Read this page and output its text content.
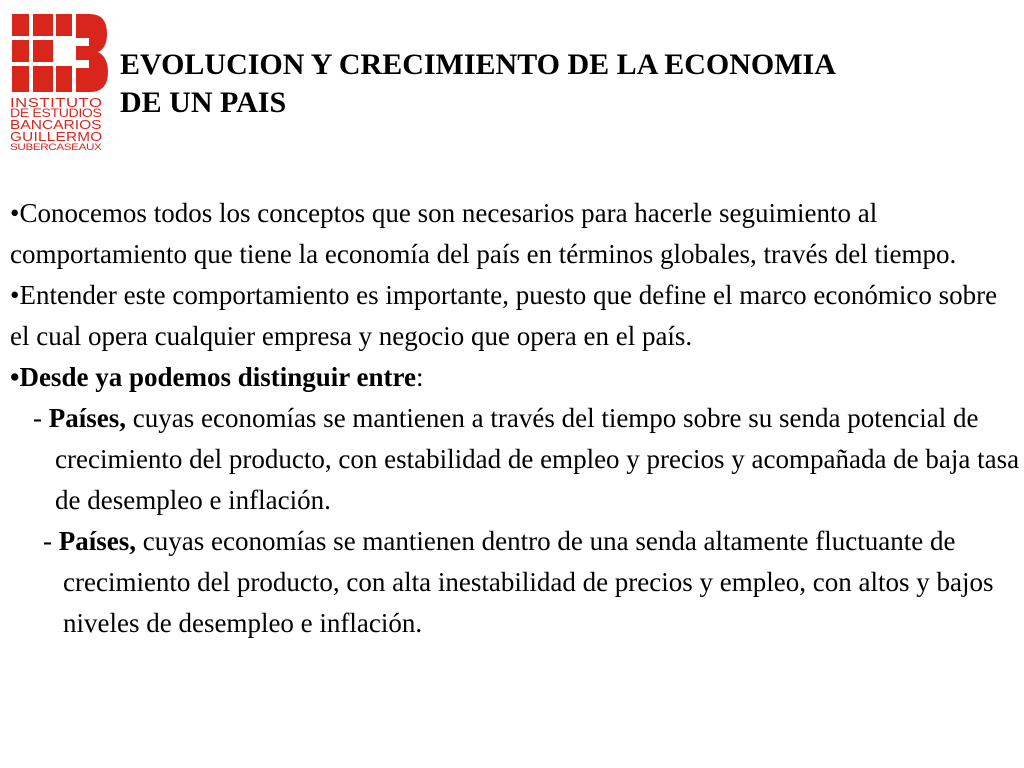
INSTITUTO
DE ESTUDIOS
BANCARIOS
GUILLERMO
SUBERCASEAUX
EVOLUCION Y CRECIMIENTO DE LA ECONOMIA
DE UN PAIS

•Conocemos todos los conceptos que son necesarios para hacerle seguimiento al comportamiento que tiene la economía del país en términos globales, través del tiempo.

•Entender este comportamiento es importante, puesto que define el marco económico sobre el cual opera cualquier empresa y negocio que opera en el país.

•Desde ya podemos distinguir entre:

- Países, cuyas economías se mantienen a través del tiempo sobre su senda potencial de crecimiento del producto, con estabilidad de empleo y precios y acompañada de baja tasa de desempleo e inflación.

- Países, cuyas economías se mantienen dentro de una senda altamente fluctuante de crecimiento del producto, con alta inestabilidad de precios y empleo, con altos y bajos niveles de desempleo e inflación.
